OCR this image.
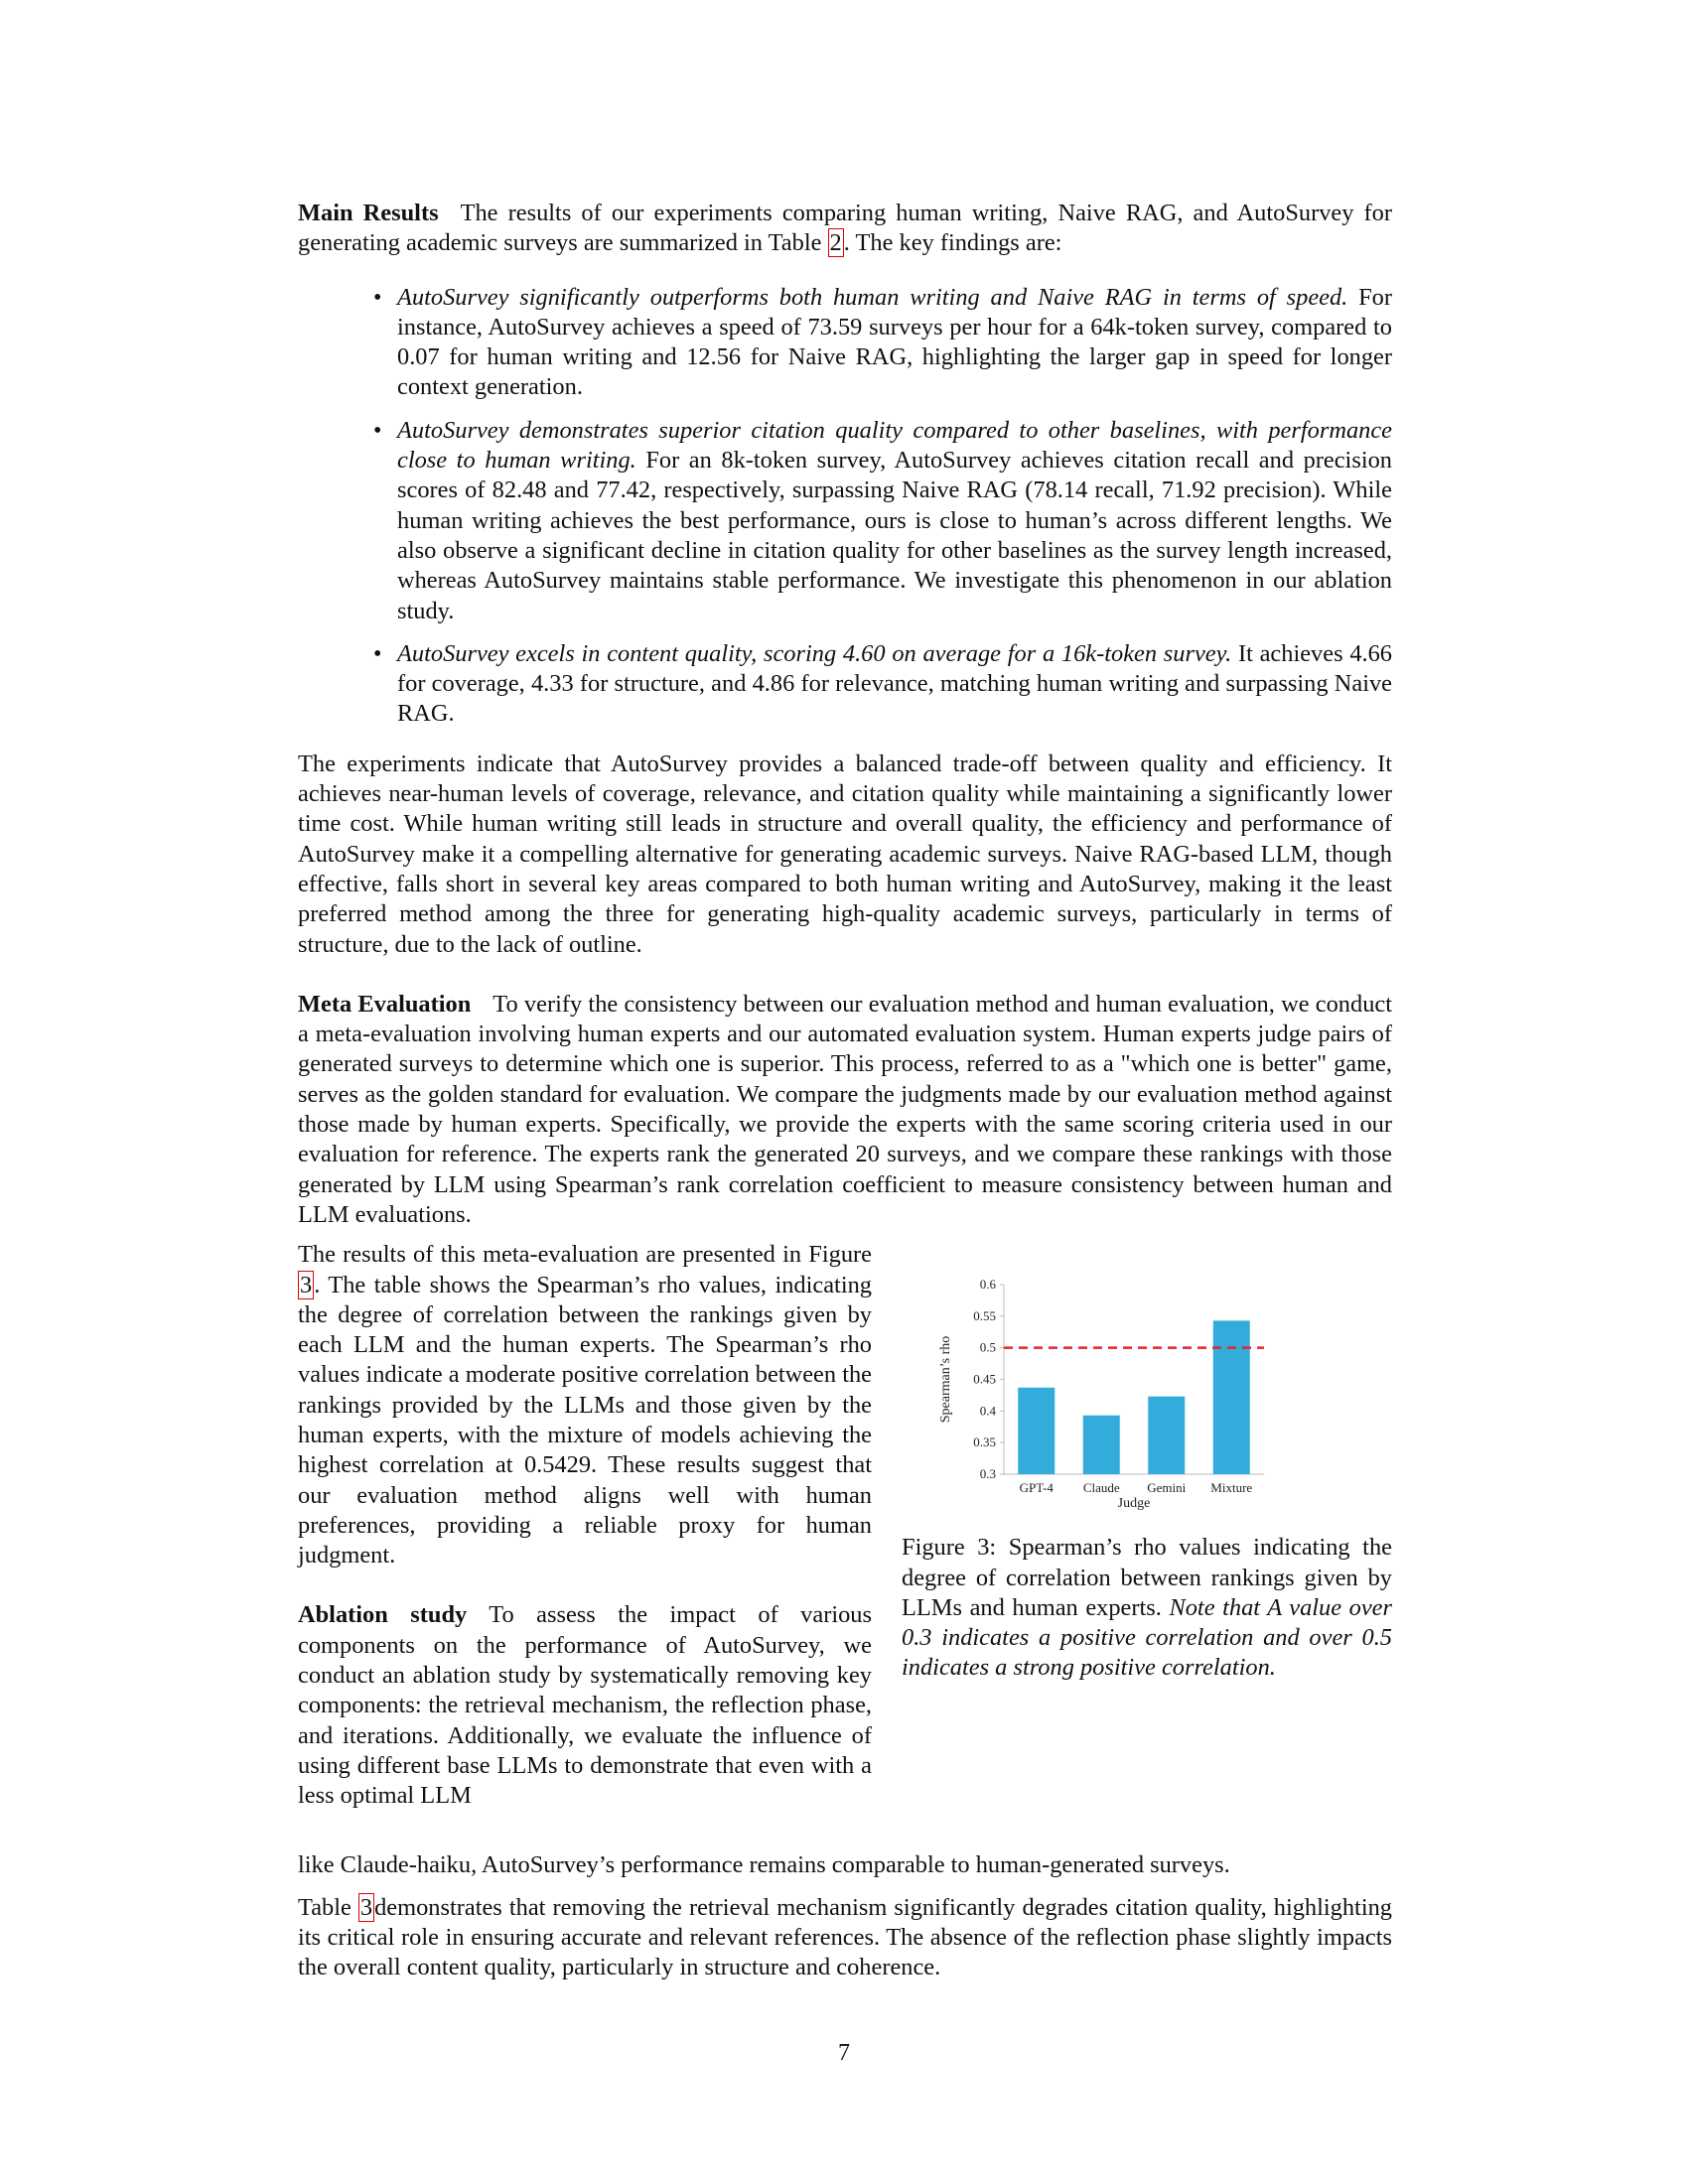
Main Results The results of our experiments comparing human writing, Naive RAG, and AutoSurvey for generating academic surveys are summarized in Table 2. The key findings are:

• AutoSurvey significantly outperforms both human writing and Naive RAG in terms of speed. For instance, AutoSurvey achieves a speed of 73.59 surveys per hour for a 64k-token survey, compared to 0.07 for human writing and 12.56 for Naive RAG, highlighting the larger gap in speed for longer context generation.

• AutoSurvey demonstrates superior citation quality compared to other baselines, with performance close to human writing. For an 8k-token survey, AutoSurvey achieves citation recall and precision scores of 82.48 and 77.42, respectively, surpassing Naive RAG (78.14 recall, 71.92 precision). While human writing achieves the best performance, ours is close to human’s across different lengths. We also observe a significant decline in citation quality for other baselines as the survey length increased, whereas AutoSurvey maintains stable performance. We investigate this phenomenon in our ablation study.

• AutoSurvey excels in content quality, scoring 4.60 on average for a 16k-token survey. It achieves 4.66 for coverage, 4.33 for structure, and 4.86 for relevance, matching human writing and surpassing Naive RAG.

The experiments indicate that AutoSurvey provides a balanced trade-off between quality and efficiency. It achieves near-human levels of coverage, relevance, and citation quality while maintaining a significantly lower time cost. While human writing still leads in structure and overall quality, the efficiency and performance of AutoSurvey make it a compelling alternative for generating academic surveys. Naive RAG-based LLM, though effective, falls short in several key areas compared to both human writing and AutoSurvey, making it the least preferred method among the three for generating high-quality academic surveys, particularly in terms of structure, due to the lack of outline.

Meta Evaluation To verify the consistency between our evaluation method and human evaluation, we conduct a meta-evaluation involving human experts and our automated evaluation system. Human experts judge pairs of generated surveys to determine which one is superior. This process, referred to as a "which one is better" game, serves as the golden standard for evaluation. We compare the judgments made by our evaluation method against those made by human experts. Specifically, we provide the experts with the same scoring criteria used in our evaluation for reference. The experts rank the generated 20 surveys, and we compare these rankings with those generated by LLM using Spearman’s rank correlation coefficient to measure consistency between human and LLM evaluations.

The results of this meta-evaluation are presented in Figure 3. The table shows the Spearman’s rho values, indicating the degree of correlation between the rankings given by each LLM and the human experts. The Spearman’s rho values indicate a moderate positive correlation between the rankings provided by the LLMs and those given by the human experts, with the mixture of models achieving the highest correlation at 0.5429. These results suggest that our evaluation method aligns well with human preferences, providing a reliable proxy for human judgment.

Ablation study To assess the impact of various components on the performance of AutoSurvey, we conduct an ablation study by systematically removing key components: the retrieval mechanism, the reflection phase, and iterations. Additionally, we evaluate the influence of using different base LLMs to demonstrate that even with a less optimal LLM

0.3
0.35
0.4
0.45
0.5
0.55
0.6
GPT-4 Claude Gemini Mixture
Judge
Spearman’s rho

Figure 3: Spearman’s rho values indicating the degree of correlation between rankings given by LLMs and human experts. Note that A value over 0.3 indicates a positive correlation and over 0.5 indicates a strong positive correlation.

like Claude-haiku, AutoSurvey’s performance remains comparable to human-generated surveys.

Table 3demonstrates that removing the retrieval mechanism significantly degrades citation quality, highlighting its critical role in ensuring accurate and relevant references. The absence of the reflection phase slightly impacts the overall content quality, particularly in structure and coherence.

7
